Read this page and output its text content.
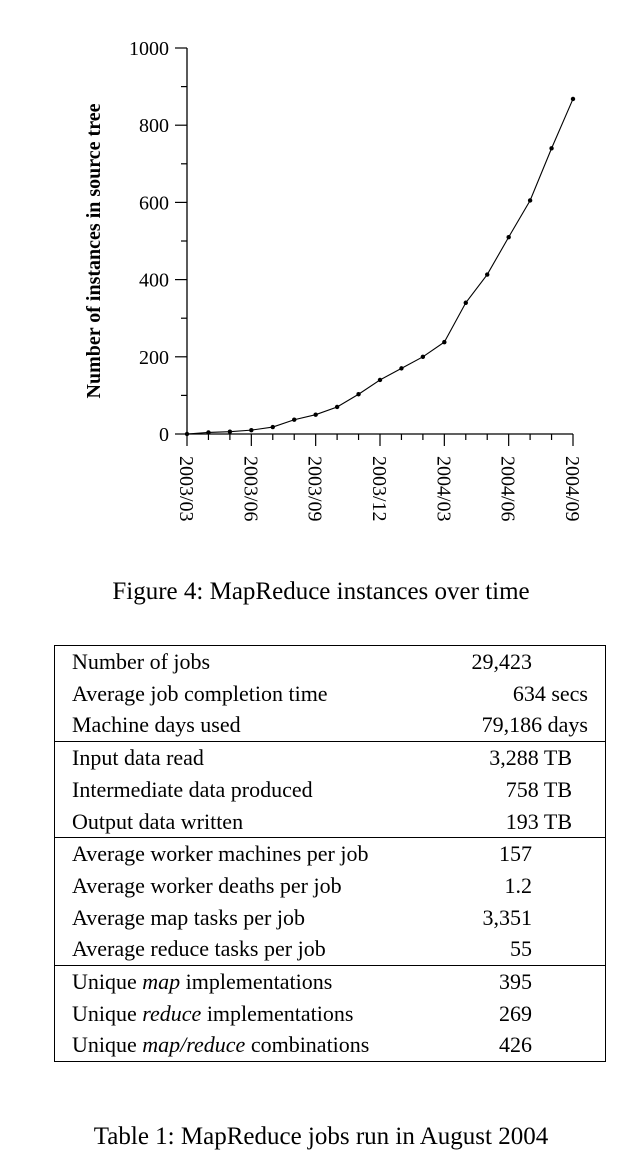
0
200
400
600
800
1000
2003/03 2003/06 2003/09 2003/12 2004/03 2004/06 2004/09
Number of instances in source tree
Figure 4: MapReduce instances over time
Number of jobs	29,423
Average job completion time	634 secs
Machine days used	79,186 days
Input data read	3,288 TB
Intermediate data produced	758 TB
Output data written	193 TB
Average worker machines per job	157
Average worker deaths per job	1.2
Average map tasks per job	3,351
Average reduce tasks per job	55
Unique map implementations	395
Unique reduce implementations	269
Unique map/reduce combinations	426
Table 1: MapReduce jobs run in August 2004
